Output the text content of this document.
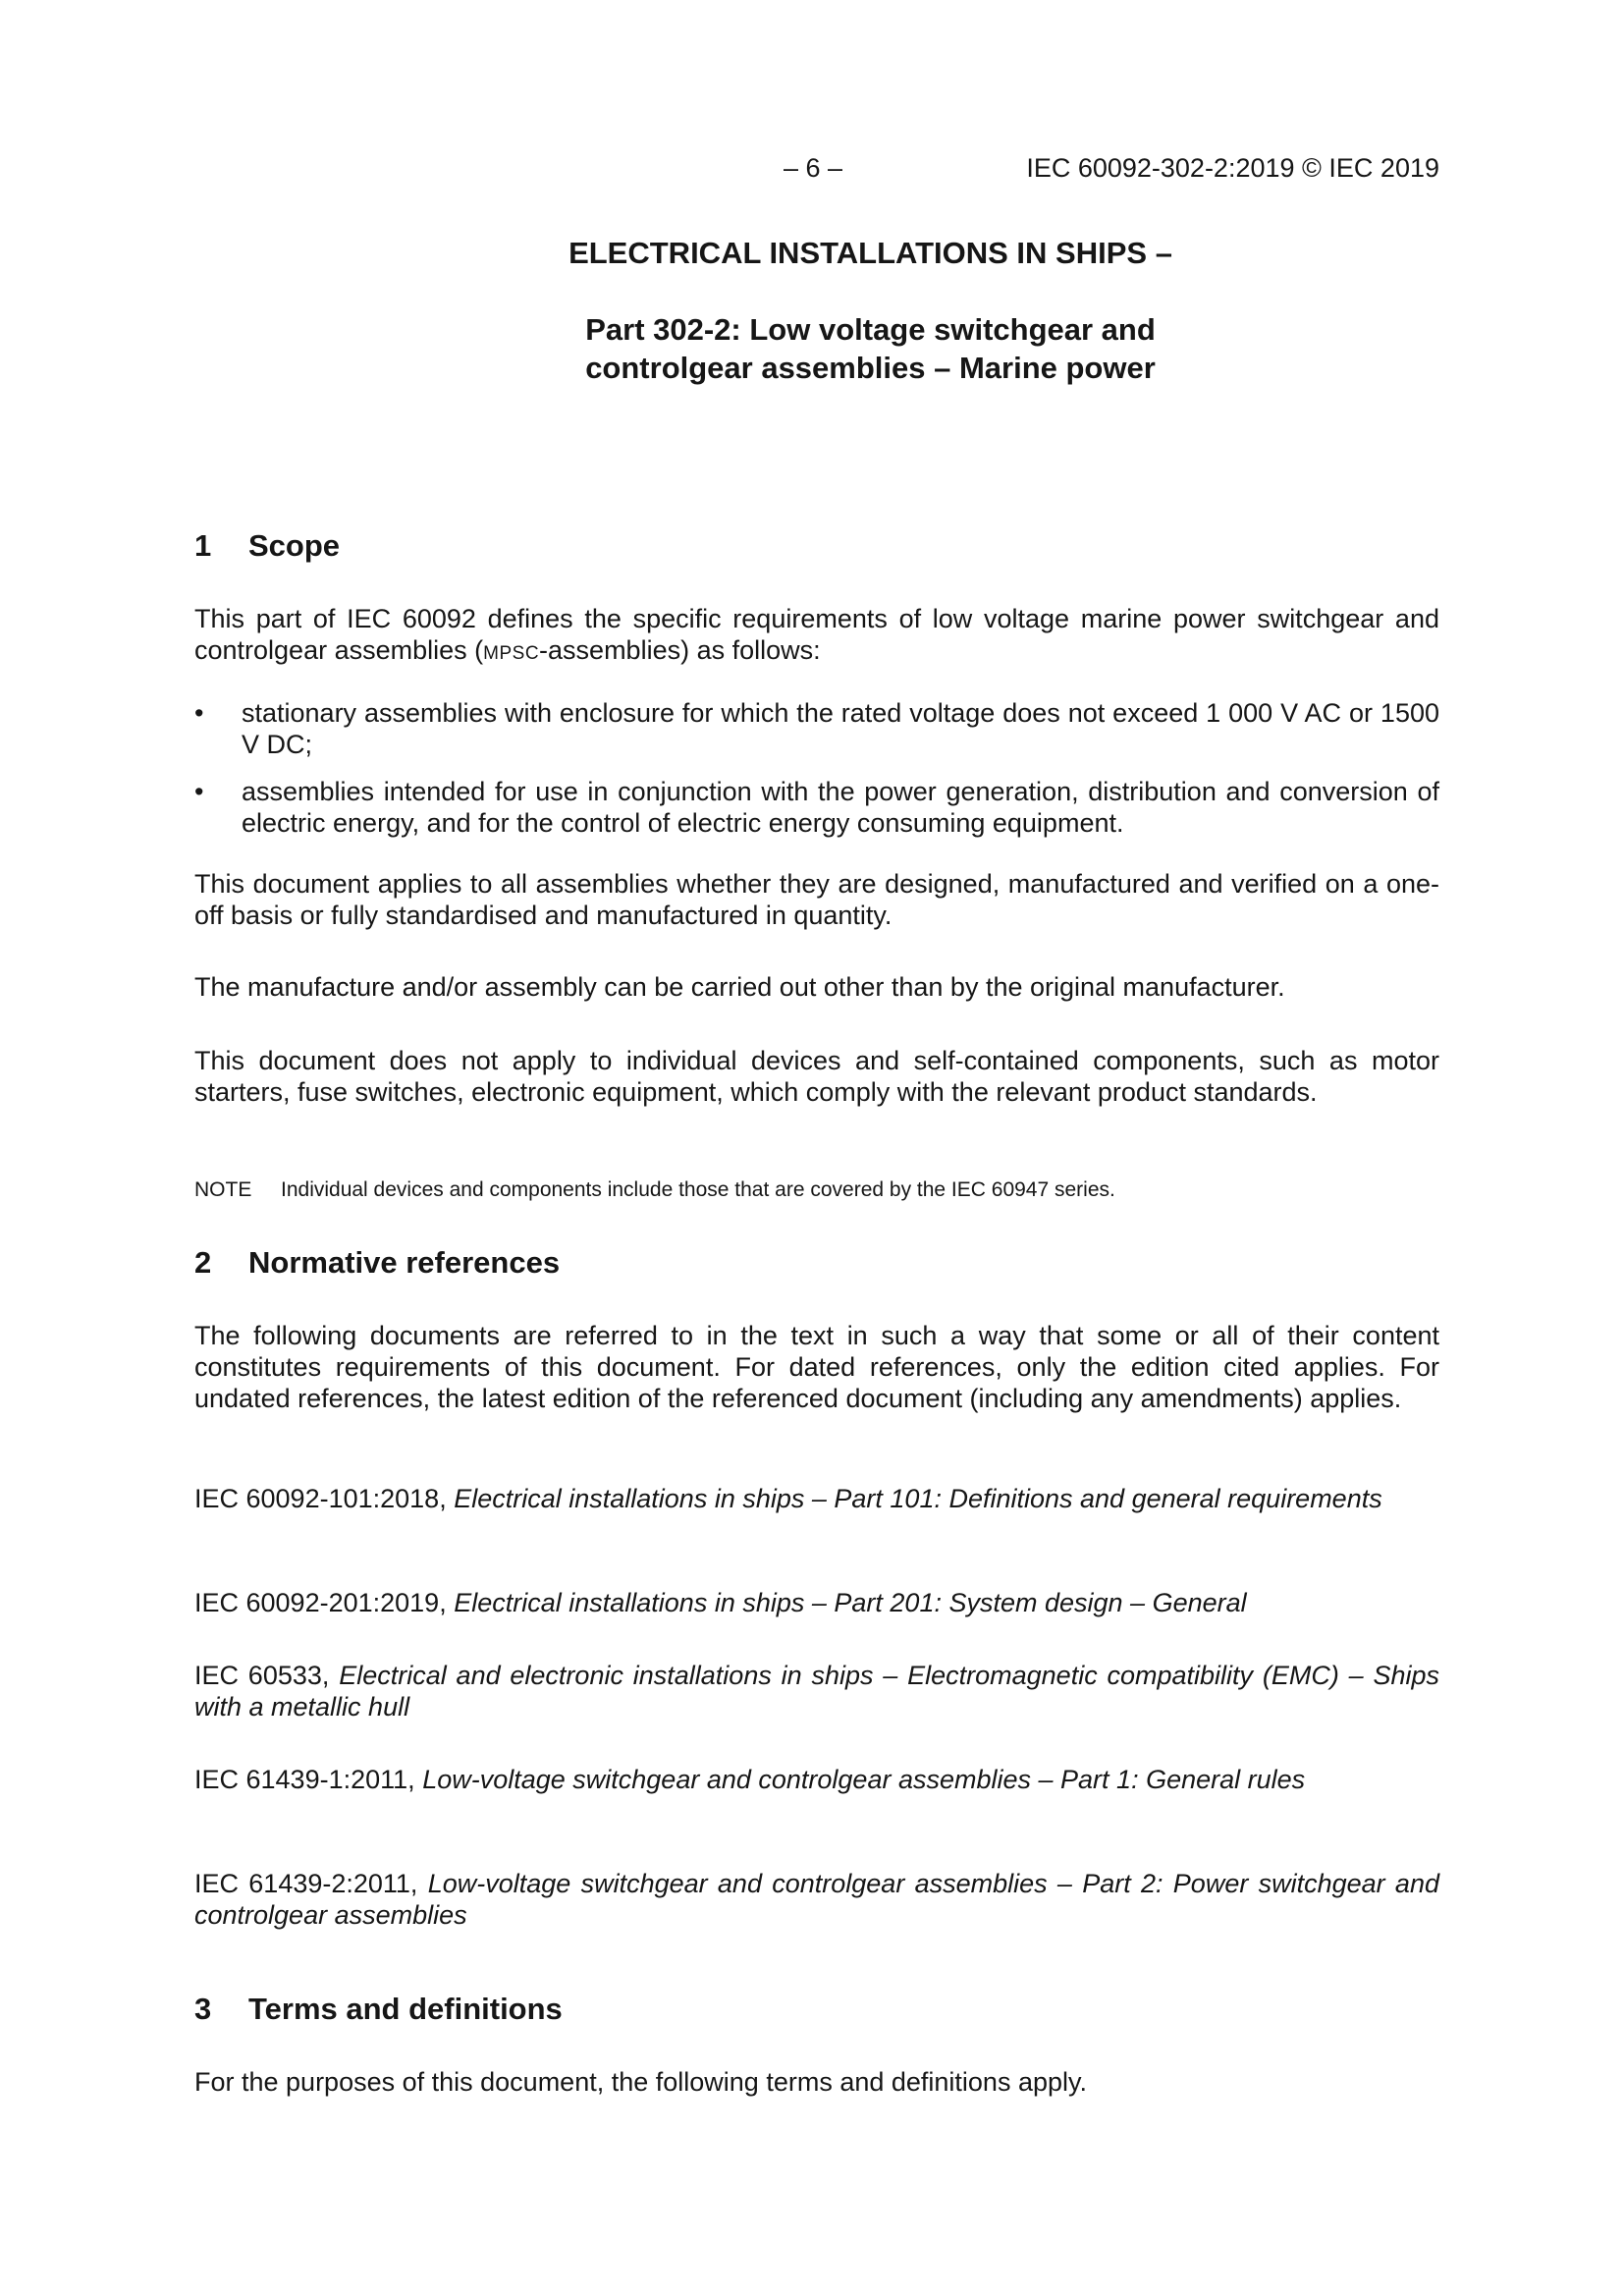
– 6 –	IEC 60092-302-2:2019 © IEC 2019
ELECTRICAL INSTALLATIONS IN SHIPS –
Part 302-2: Low voltage switchgear and
controlgear assemblies – Marine power
1 Scope
This part of IEC 60092 defines the specific requirements of low voltage marine power switchgear and controlgear assemblies (MPSC-assemblies) as follows:
• stationary assemblies with enclosure for which the rated voltage does not exceed 1 000 V AC or 1500 V DC;
• assemblies intended for use in conjunction with the power generation, distribution and conversion of electric energy, and for the control of electric energy consuming equipment.
This document applies to all assemblies whether they are designed, manufactured and verified on a one-off basis or fully standardised and manufactured in quantity.
The manufacture and/or assembly can be carried out other than by the original manufacturer.
This document does not apply to individual devices and self-contained components, such as motor starters, fuse switches, electronic equipment, which comply with the relevant product standards.
NOTE Individual devices and components include those that are covered by the IEC 60947 series.
2 Normative references
The following documents are referred to in the text in such a way that some or all of their content constitutes requirements of this document. For dated references, only the edition cited applies. For undated references, the latest edition of the referenced document (including any amendments) applies.
IEC 60092-101:2018, Electrical installations in ships – Part 101: Definitions and general requirements
IEC 60092-201:2019, Electrical installations in ships – Part 201: System design – General
IEC 60533, Electrical and electronic installations in ships – Electromagnetic compatibility (EMC) – Ships with a metallic hull
IEC 61439-1:2011, Low-voltage switchgear and controlgear assemblies – Part 1: General rules
IEC 61439-2:2011, Low-voltage switchgear and controlgear assemblies – Part 2: Power switchgear and controlgear assemblies
3 Terms and definitions
For the purposes of this document, the following terms and definitions apply.
